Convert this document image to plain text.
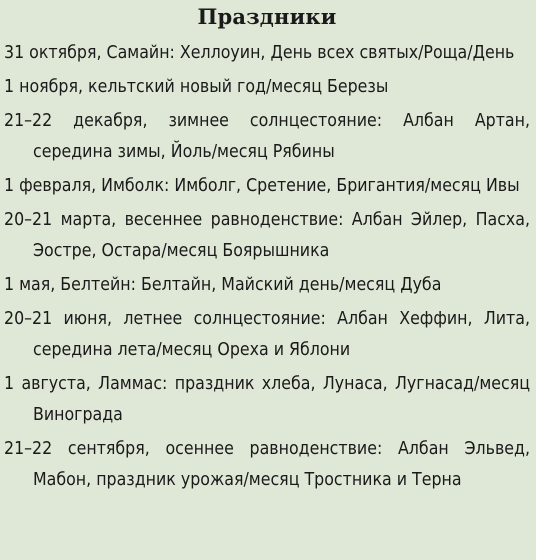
Праздники
31 октября, Самайн: Хеллоуин, День всех святых/Роща/День
1 ноября, кельтский новый год/месяц Березы
21–22 декабря, зимнее солнцестояние: Албан Артан, середина зимы, Йоль/месяц Рябины
1 февраля, Имболк: Имболг, Сретение, Бригантия/месяц Ивы
20–21 марта, весеннее равноденствие: Албан Эйлер, Пасха, Эостре, Остара/месяц Боярышника
1 мая, Белтейн: Белтайн, Майский день/месяц Дуба
20–21 июня, летнее солнцестояние: Албан Хеффин, Лита, середина лета/месяц Ореха и Яблони
1 августа, Ламмас: праздник хлеба, Лунаса, Лугнасад/месяц Винограда
21–22 сентября, осеннее равноденствие: Албан Эльвед, Мабон, праздник урожая/месяц Тростника и Терна
